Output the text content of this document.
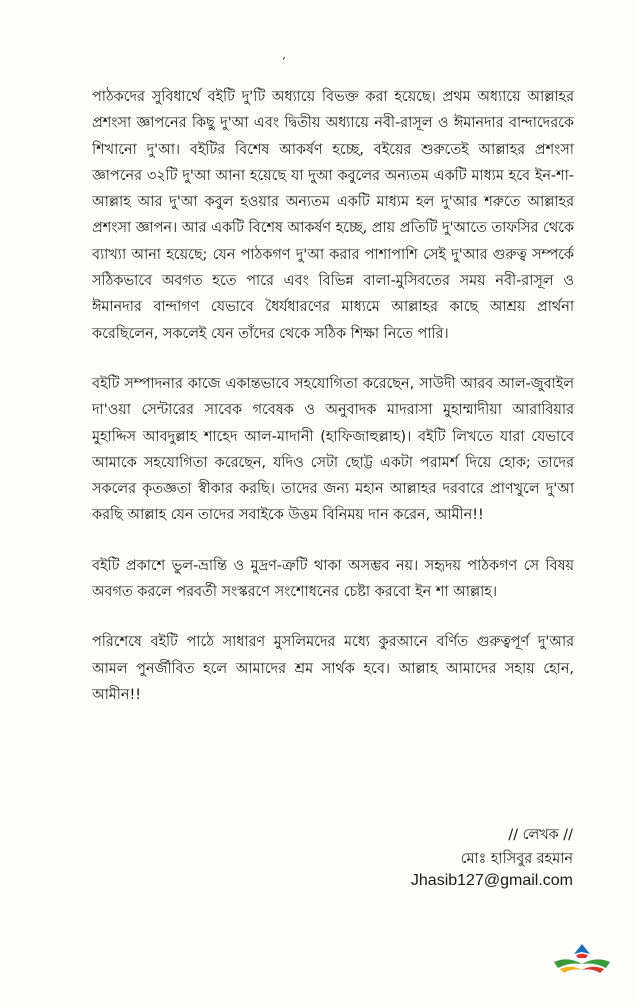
’

পাঠকদের সুবিধার্থে বইটি দু'টি অধ্যায়ে বিভক্ত করা হয়েছে। প্রথম অধ্যায়ে আল্লাহর প্রশংসা জ্ঞাপনের কিছু দু'আ এবং দ্বিতীয় অধ্যায়ে নবী-রাসূল ও ঈমানদার বান্দাদেরকে শিখানো দু'আ। বইটির বিশেষ আকর্ষণ হচ্ছে, বইয়ের শুরুতেই আল্লাহর প্রশংসা জ্ঞাপনের ৩২টি দু'আ আনা হয়েছে যা দুআ কবুলের অন্যতম একটি মাধ্যম হবে ইন-শা-আল্লাহ আর দু'আ কবুল হওয়ার অন্যতম একটি মাধ্যম হল দু'আর শরুতে আল্লাহর প্রশংসা জ্ঞাপন। আর একটি বিশেষ আকর্ষণ হচ্ছে, প্রায় প্রতিটি দু'আতে তাফসির থেকে ব্যাখ্যা আনা হয়েছে; যেন পাঠকগণ দু'আ করার পাশাপাশি সেই দু'আর গুরুত্ব সম্পর্কে সঠিকভাবে অবগত হতে পারে এবং বিভিন্ন বালা-মুসিবতের সময় নবী-রাসূল ও ঈমানদার বান্দাগণ যেভাবে ধৈর্যধারণের মাধ্যমে আল্লাহর কাছে আশ্রয় প্রার্থনা করেছিলেন, সকলেই যেন তাঁদের থেকে সঠিক শিক্ষা নিতে পারি।

বইটি সম্পাদনার কাজে একান্তভাবে সহযোগিতা করেছেন, সাউদী আরব আল-জুবাইল দা'ওয়া সেন্টারের সাবেক গবেষক ও অনুবাদক মাদরাসা মুহাম্মাদীয়া আরাবিয়ার মুহাদ্দিস আবদুল্লাহ শাহেদ আল-মাদানী (হাফিজাহুল্লাহ)। বইটি লিখতে যারা যেভাবে আমাকে সহযোগিতা করেছেন, যদিও সেটা ছোট্ট একটা পরামর্শ দিয়ে হোক; তাদের সকলের কৃতজ্ঞতা স্বীকার করছি। তাদের জন্য মহান আল্লাহর দরবারে প্রাণখুলে দু'আ করছি আল্লাহ যেন তাদের সবাইকে উত্তম বিনিময় দান করেন, আমীন!!

বইটি প্রকাশে ভুল-ভ্রান্তি ও মুদ্রণ-ত্রুটি থাকা অসম্ভব নয়। সহৃদয় পাঠকগণ সে বিষয় অবগত করলে পরবর্তী সংস্করণে সংশোধনের চেষ্টা করবো ইন শা আল্লাহ।

পরিশেষে বইটি পাঠে সাধারণ মুসলিমদের মধ্যে কুরআনে বর্ণিত গুরুত্বপূর্ণ দু'আর আমল পুনর্জীবিত হলে আমাদের শ্রম সার্থক হবে। আল্লাহ আমাদের সহায় হোন, আমীন!!

// লেখক //
মোঃ হাসিবুর রহমান
Jhasib127@gmail.com
